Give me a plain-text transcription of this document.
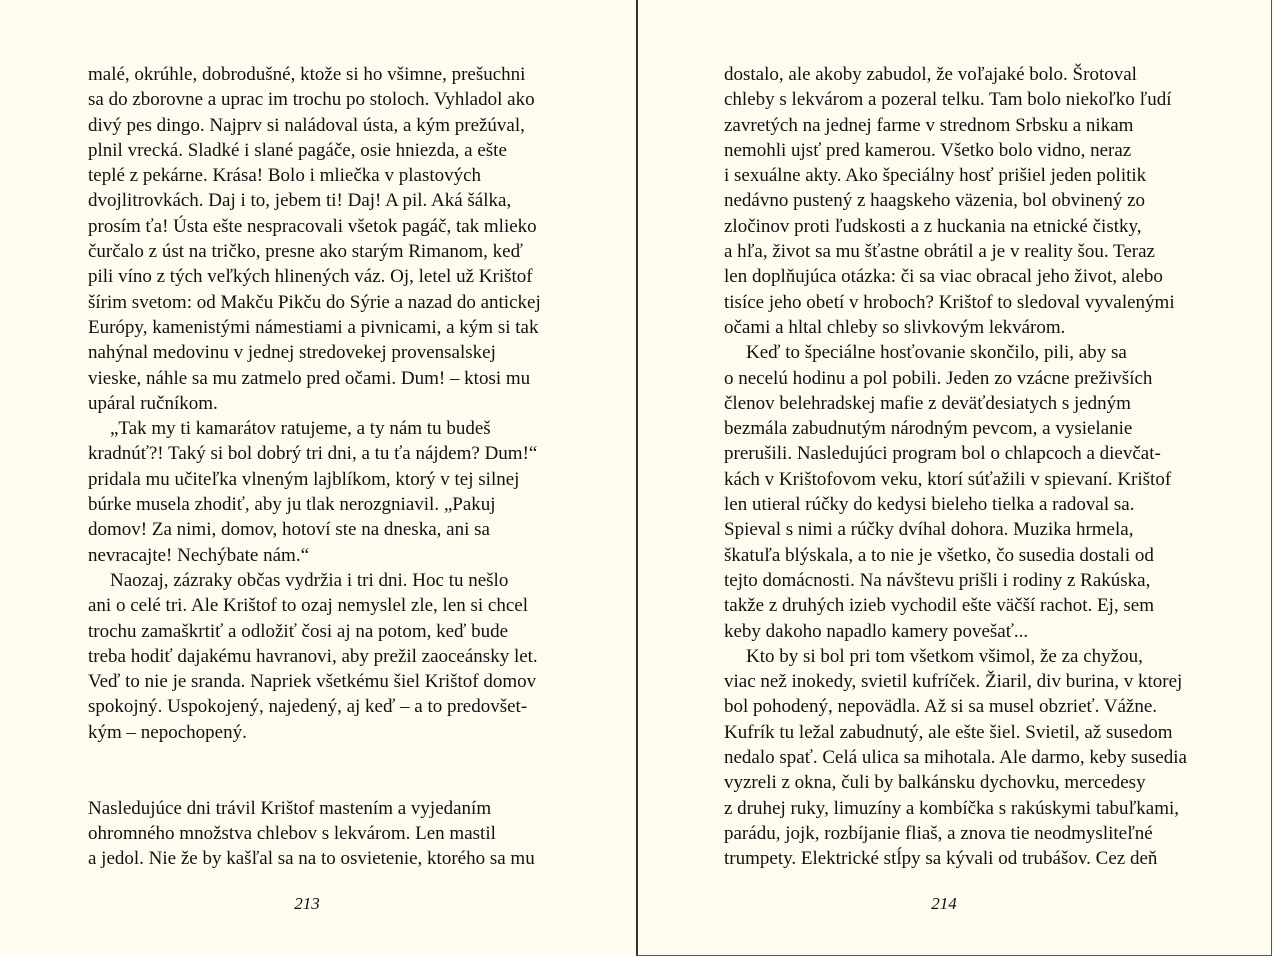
malé, okrúhle, dobrodušné, ktože si ho všimne, prešuchni
sa do zborovne a uprac im trochu po stoloch. Vyhladol ako
divý pes dingo. Najprv si naládoval ústa, a kým prežúval,
plnil vrecká. Sladké i slané pagáče, osie hniezda, a ešte
teplé z pekárne. Krása! Bolo i mliečka v plastových
dvojlitrovkách. Daj i to, jebem ti! Daj! A pil. Aká šálka,
prosím ťa! Ústa ešte nespracovali všetok pagáč, tak mlieko
čurčalo z úst na tričko, presne ako starým Rimanom, keď
pili víno z tých veľkých hlinených váz. Oj, letel už Krištof
šírim svetom: od Makču Pikču do Sýrie a nazad do antickej
Európy, kamenistými námestiami a pivnicami, a kým si tak
nahýnal medovinu v jednej stredovekej provensalskej
vieske, náhle sa mu zatmelo pred očami. Dum! – ktosi mu
upáral ručníkom.
„Tak my ti kamarátov ratujeme, a ty nám tu budeš
kradnúť?! Taký si bol dobrý tri dni, a tu ťa nájdem? Dum!“
pridala mu učiteľka vlneným lajblíkom, ktorý v tej silnej
búrke musela zhodiť, aby ju tlak nerozgniavil. „Pakuj
domov! Za nimi, domov, hotoví ste na dneska, ani sa
nevracajte! Nechýbate nám.“
Naozaj, zázraky občas vydržia i tri dni. Hoc tu nešlo
ani o celé tri. Ale Krištof to ozaj nemyslel zle, len si chcel
trochu zamaškrtiť a odložiť čosi aj na potom, keď bude
treba hodiť dajakému havranovi, aby prežil zaoceánsky let.
Veď to nie je sranda. Napriek všetkému šiel Krištof domov
spokojný. Uspokojený, najedený, aj keď – a to predovšet-
kým – nepochopený.
Nasledujúce dni trávil Krištof mastením a vyjedaním
ohromného množstva chlebov s lekvárom. Len mastil
a jedol. Nie že by kašľal sa na to osvietenie, ktorého sa mu
213
dostalo, ale akoby zabudol, že voľajaké bolo. Šrotoval
chleby s lekvárom a pozeral telku. Tam bolo niekoľko ľudí
zavretých na jednej farme v strednom Srbsku a nikam
nemohli ujsť pred kamerou. Všetko bolo vidno, neraz
i sexuálne akty. Ako špeciálny hosť prišiel jeden politik
nedávno pustený z haagskeho väzenia, bol obvinený zo
zločinov proti ľudskosti a z huckania na etnické čistky,
a hľa, život sa mu šťastne obrátil a je v reality šou. Teraz
len doplňujúca otázka: či sa viac obracal jeho život, alebo
tisíce jeho obetí v hroboch? Krištof to sledoval vyvalenými
očami a hltal chleby so slivkovým lekvárom.
Keď to špeciálne hosťovanie skončilo, pili, aby sa
o necelú hodinu a pol pobili. Jeden zo vzácne preživších
členov belehradskej mafie z deväťdesiatych s jedným
bezmála zabudnutým národným pevcom, a vysielanie
prerušili. Nasledujúci program bol o chlapcoch a dievčat-
kách v Krištofovom veku, ktorí súťažili v spievaní. Krištof
len utieral rúčky do kedysi bieleho tielka a radoval sa.
Spieval s nimi a rúčky dvíhal dohora. Muzika hrmela,
škatuľa blýskala, a to nie je všetko, čo susedia dostali od
tejto domácnosti. Na návštevu prišli i rodiny z Rakúska,
takže z druhých izieb vychodil ešte väčší rachot. Ej, sem
keby dakoho napadlo kamery povešať...
Kto by si bol pri tom všetkom všimol, že za chyžou,
viac než inokedy, svietil kufríček. Žiaril, div burina, v ktorej
bol pohodený, nepovädla. Až si sa musel obzrieť. Vážne.
Kufrík tu ležal zabudnutý, ale ešte šiel. Svietil, až susedom
nedalo spať. Celá ulica sa mihotala. Ale darmo, keby susedia
vyzreli z okna, čuli by balkánsku dychovku, mercedesy
z druhej ruky, limuzíny a kombíčka s rakúskymi tabuľkami,
parádu, jojk, rozbíjanie fliaš, a znova tie neodmysliteľné
trumpety. Elektrické stĺpy sa kývali od trubášov. Cez deň
214
